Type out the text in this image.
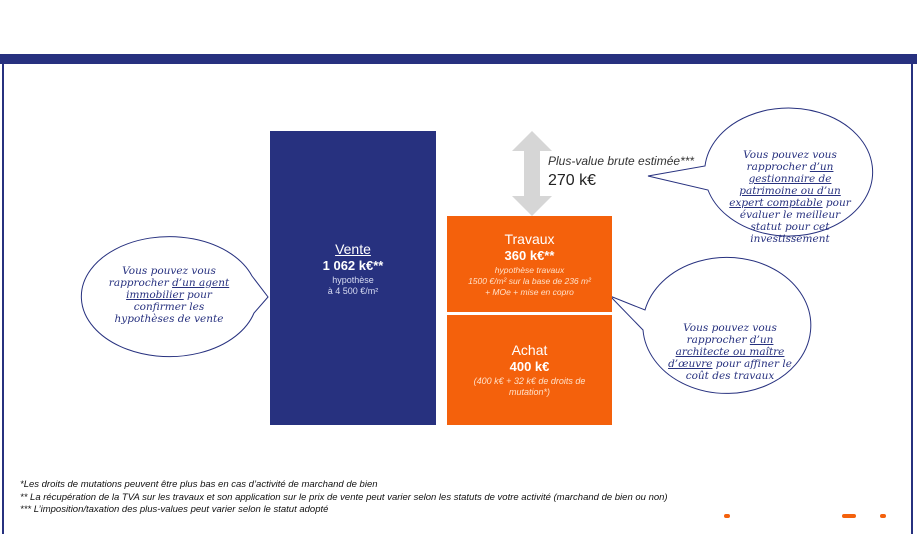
Vente
1 062 k€**
hypothèse
à 4 500 €/m²
Travaux
360 k€**
hypothèse travaux
1500 €/m² sur la base de 236 m²
+ MOe + mise en copro
Achat
400 k€
(400 k€ + 32 k€ de droits de mutation*)
Plus-value brute estimée***
270 k€
Vous pouvez vous
rapprocher d’un agent
immobilier pour
confirmer les
hypothèses de vente
Vous pouvez vous
rapprocher d’un
gestionnaire de
patrimoine ou d’un
expert comptable pour
évaluer le meilleur
statut pour cet
investissement
Vous pouvez vous
rapprocher d’un
architecte ou maître
d’œuvre pour affiner le
coût des travaux
*Les droits de mutations peuvent être plus bas en cas d’activité de marchand de bien
** La récupération de la TVA sur les travaux et son application sur le prix de vente peut varier selon les statuts de votre activité (marchand de bien ou non)
*** L’imposition/taxation des plus-values peut varier selon le statut adopté
